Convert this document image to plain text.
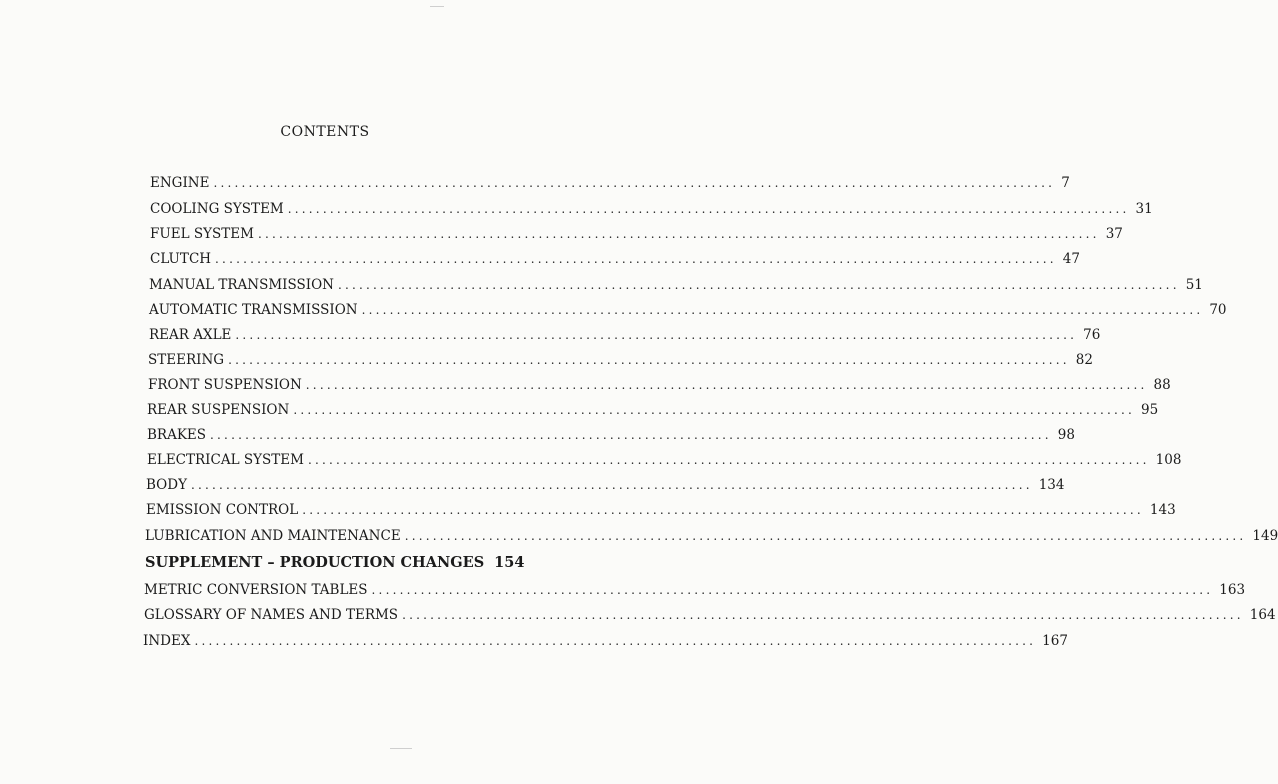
CONTENTS
ENGINE ........................................................................................................................ 7
COOLING SYSTEM ........................................................................................................................ 31
FUEL SYSTEM ........................................................................................................................ 37
CLUTCH ........................................................................................................................ 47
MANUAL TRANSMISSION ........................................................................................................................ 51
AUTOMATIC TRANSMISSION ........................................................................................................................ 70
REAR AXLE ........................................................................................................................ 76
STEERING ........................................................................................................................ 82
FRONT SUSPENSION ........................................................................................................................ 88
REAR SUSPENSION ........................................................................................................................ 95
BRAKES ........................................................................................................................ 98
ELECTRICAL SYSTEM ........................................................................................................................ 108
BODY ........................................................................................................................ 134
EMISSION CONTROL ........................................................................................................................ 143
LUBRICATION AND MAINTENANCE ........................................................................................................................ 149
SUPPLEMENT – PRODUCTION CHANGES 154
METRIC CONVERSION TABLES ........................................................................................................................ 163
GLOSSARY OF NAMES AND TERMS ........................................................................................................................ 164
INDEX ........................................................................................................................ 167
